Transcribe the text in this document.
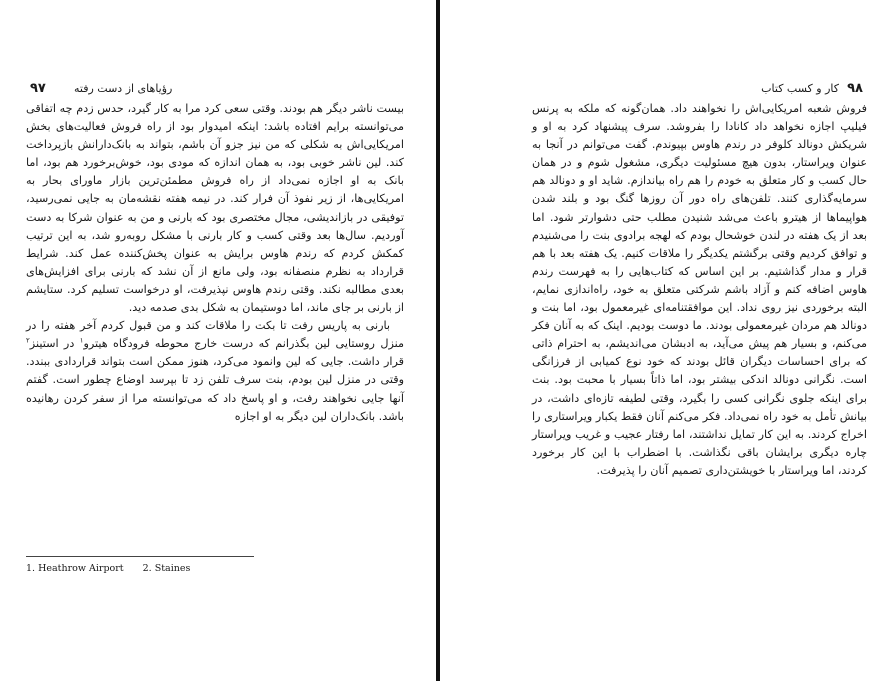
۹۷	رؤیاهای از دست رفته

بیست ناشر دیگر هم بودند. وقتی سعی کرد مرا به کار گیرد، حدس زدم چه اتفاقی می‌توانسته برایم افتاده باشد: اینکه امیدوار بود از راه فروش فعالیت‌های بخش امریکایی‌اش به شکلی که من نیز جزو آن باشم، بتواند به بانک‌دارانش بازپرداخت کند. لین ناشر خوبی بود، به همان اندازه که مودی بود، خوش‌برخورد هم بود، اما بانک به او اجازه نمی‌داد از راه فروش مطمئن‌ترین بازار ماورای بحار به امریکایی‌ها، از زیر نفوذ آن فرار کند. در نیمه هفته نقشه‌مان به جایی نمی‌رسید، توفیقی در بازاندیشی، مجال مختصری بود که بارنی و من به عنوان شرکا به دست آوردیم. سال‌ها بعد وقتی کسب و کار بارنی با مشکل روبه‌رو شد، به این ترتیب کمکش کردم که رندم هاوس برایش به عنوان پخش‌کننده عمل کند. شرایط قرارداد به نظرم منصفانه بود، ولی مانع از آن نشد که بارنی برای افزایش‌های بعدی مطالبه نکند. وقتی رندم هاوس نپذیرفت، او درخواست تسلیم کرد. ستایشم از بارنی بر جای ماند، اما دوستیمان به شکل بدی صدمه دید.

بارنی به پاریس رفت تا بکت را ملاقات کند و من قبول کردم آخر هفته را در منزل روستایی لین بگذرانم که درست خارج محوطه فرودگاه هیترو$^۱$ در استینز$^۲$ قرار داشت. جایی که لین وانمود می‌کرد، هنوز ممکن است بتواند قراردادی ببندد. وقتی در منزل لین بودم، بنت سرف تلفن زد تا بپرسد اوضاع چطور است. گفتم آنها جایی نخواهند رفت، و او پاسخ داد که می‌توانسته مرا از سفر کردن رهانیده باشد. بانک‌داران لین دیگر به او اجازه

1. Heathrow Airport 2. Staines
۹۸
کار و کسب کتاب

فروش شعبه امریکایی‌اش را نخواهند داد. همان‌گونه که ملکه به پرنس فیلیپ اجازه نخواهد داد کانادا را بفروشد. سرف پیشنهاد کرد به او و شریکش دونالد کلوفر در رندم هاوس بپیوندم. گفت می‌توانم در آنجا به عنوان ویراستار، بدون هیچ مسئولیت دیگری، مشغول شوم و در همان حال کسب و کار متعلق به خودم را هم راه بیاندازم. شاید او و دونالد هم سرمایه‌گذاری کنند. تلفن‌های راه دور آن روزها گنگ بود و بلند شدن هواپیماها از هیترو باعث می‌شد شنیدن مطلب حتی دشوارتر شود. اما بعد از یک هفته در لندن خوشحال بودم که لهجه برادوی بنت را می‌شنیدم و توافق کردیم وقتی برگشتم یکدیگر را ملاقات کنیم. یک هفته بعد با هم قرار و مدار گذاشتیم. بر این اساس که کتاب‌هایی را به فهرست رندم هاوس اضافه کنم و آزاد باشم شرکتی متعلق به خود، راه‌اندازی نمایم، البته برخوردی نیز روی نداد. این موافقتنامه‌ای غیرمعمول بود، اما بنت و دونالد هم مردان غیرمعمولی بودند. ما دوست بودیم. اینک که به آنان فکر می‌کنم، و بسیار هم پیش می‌آید، به ادبشان می‌اندیشم، به احترام ذاتی که برای احساسات دیگران قائل بودند که خود نوع کمیابی از فرزانگی است. نگرانی دونالد اندکی بیشتر بود، اما ذاتاً بسیار با محبت بود. بنت برای اینکه جلوی نگرانی کسی را بگیرد، وقتی لطیفه تازه‌ای داشت، در بیانش تأمل به خود راه نمی‌داد. فکر می‌کنم آنان فقط یکبار ویراستاری را اخراج کردند. به این کار تمایل نداشتند، اما رفتار عجیب و غریب ویراستار چاره دیگری برایشان باقی نگذاشت. با اضطراب با این کار برخورد کردند، اما ویراستار با خویشتن‌داری تصمیم آنان را پذیرفت.
